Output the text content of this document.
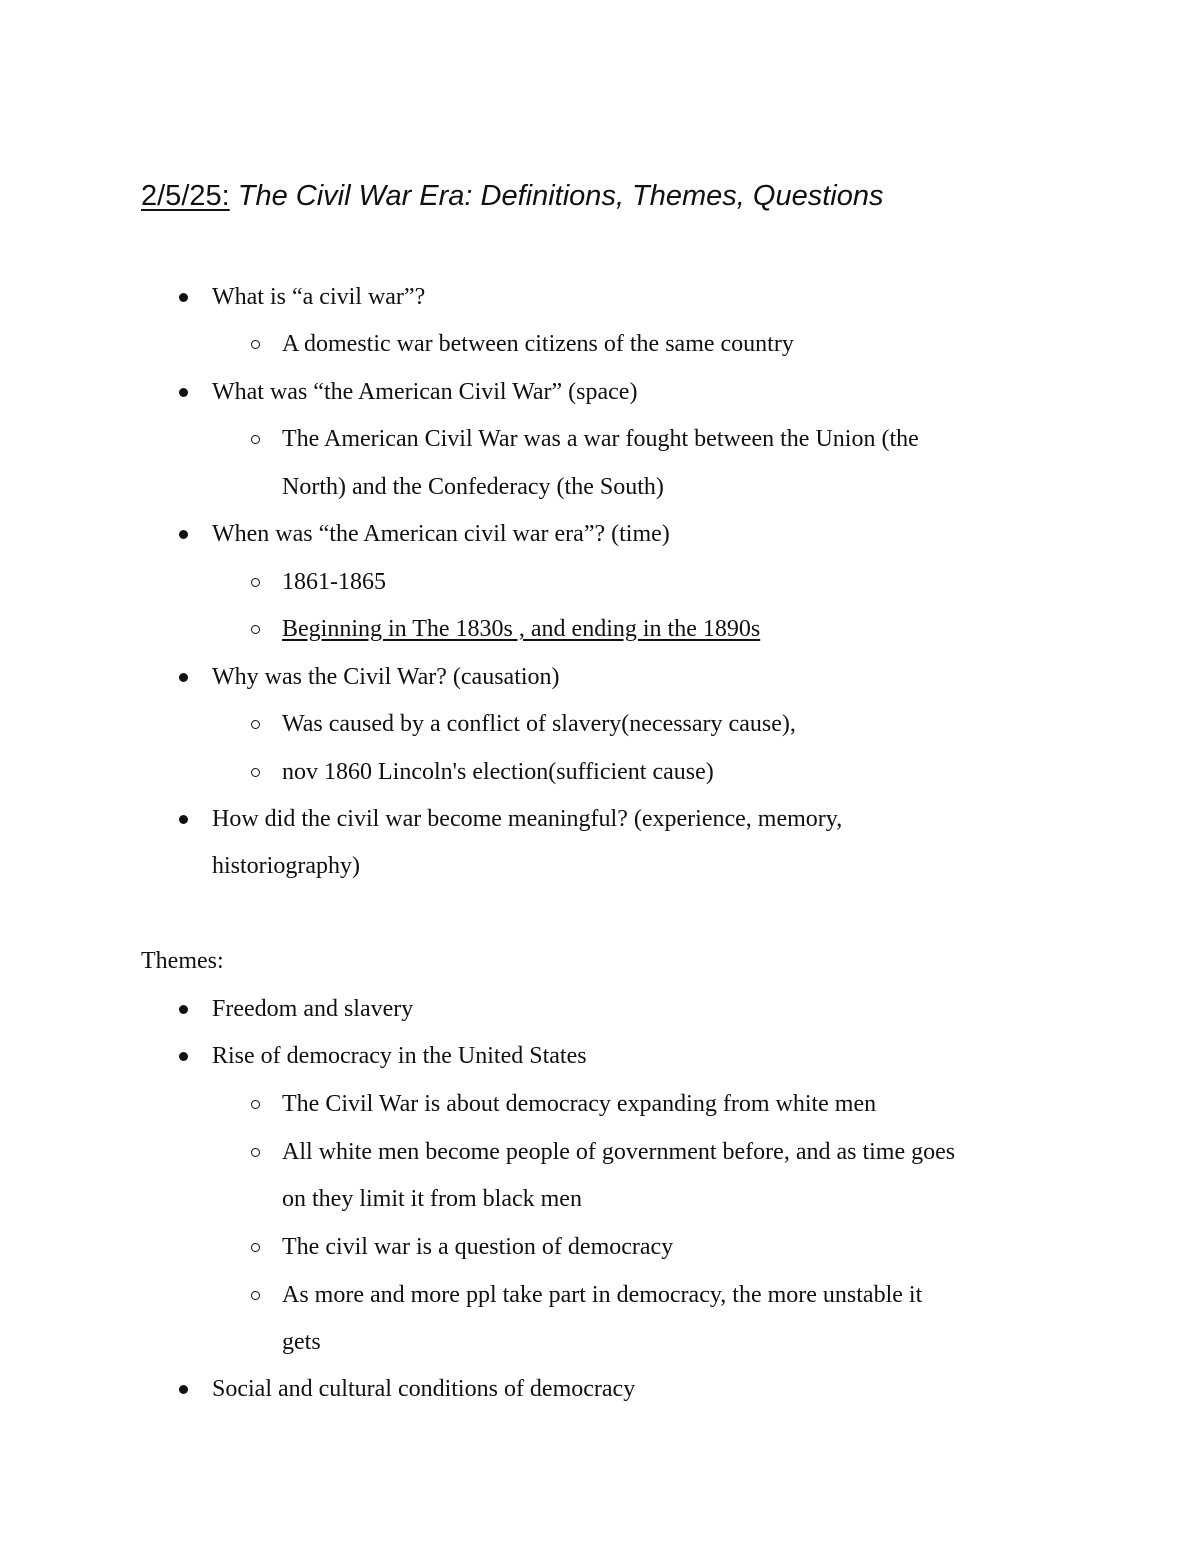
2/5/25: The Civil War Era: Definitions, Themes, Questions
What is “a civil war”?
A domestic war between citizens of the same country
What was “the American Civil War” (space)
The American Civil War was a war fought between the Union (the
North) and the Confederacy (the South)
When was “the American civil war era”? (time)
1861-1865
Beginning in The 1830s , and ending in the 1890s
Why was the Civil War? (causation)
Was caused by a conflict of slavery(necessary cause),
nov 1860 Lincoln's election(sufficient cause)
How did the civil war become meaningful? (experience, memory,
historiography)
Themes:
Freedom and slavery
Rise of democracy in the United States
The Civil War is about democracy expanding from white men
All white men become people of government before, and as time goes
on they limit it from black men
The civil war is a question of democracy
As more and more ppl take part in democracy, the more unstable it
gets
Social and cultural conditions of democracy
